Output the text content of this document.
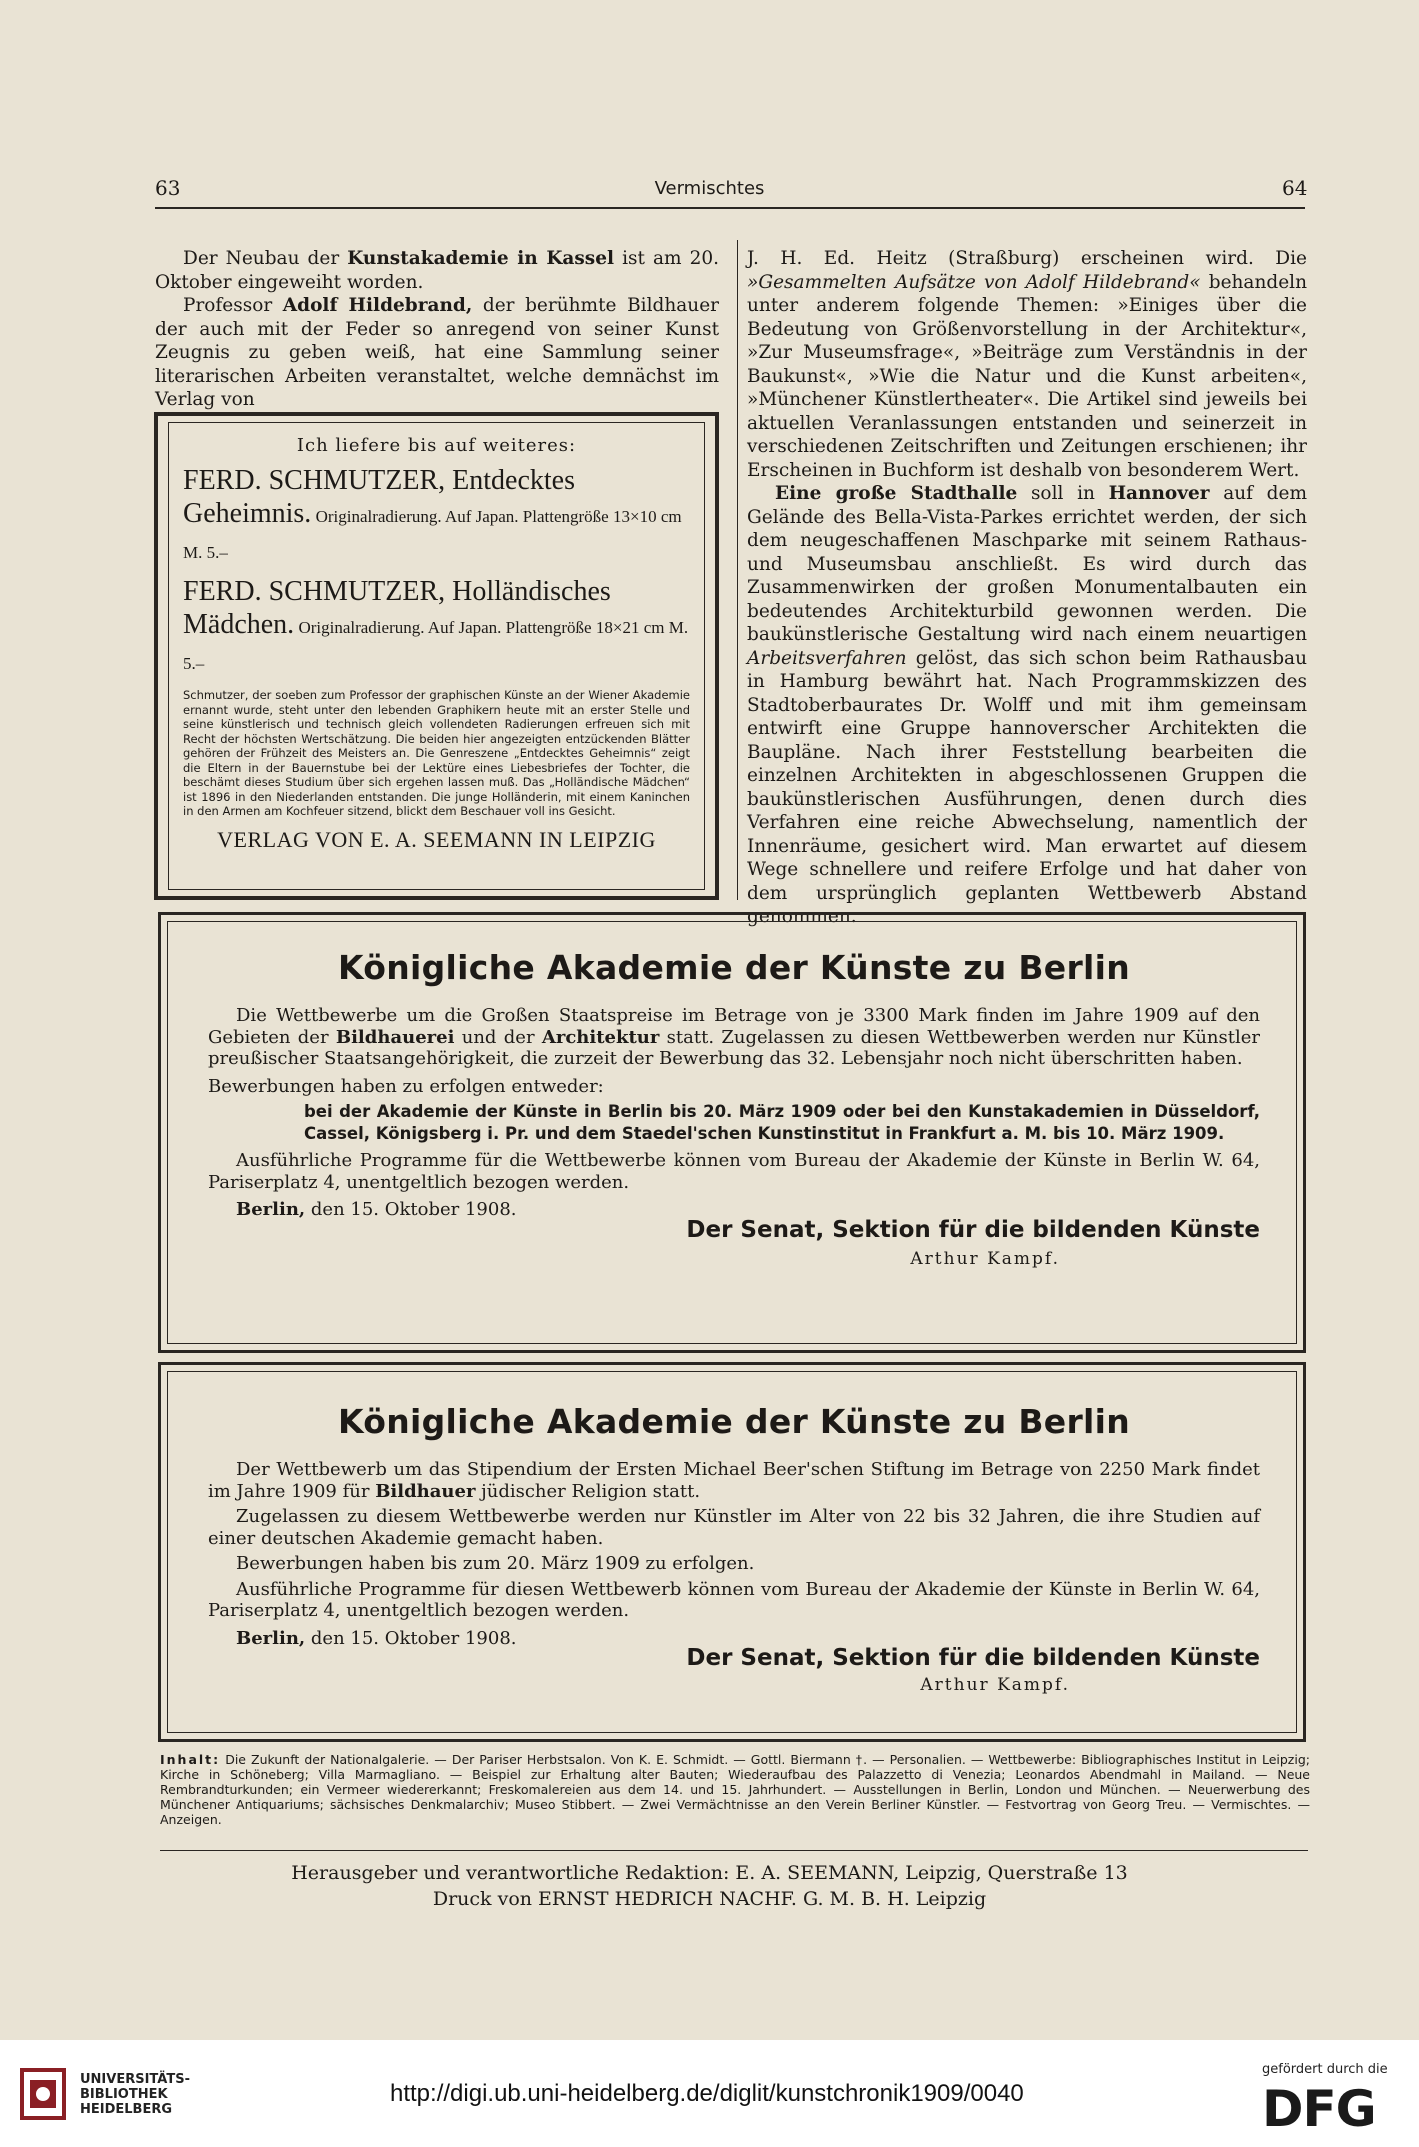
63	Vermischtes	64

Der Neubau der Kunstakademie in Kassel ist am 20. Oktober eingeweiht worden.

Professor Adolf Hildebrand, der berühmte Bildhauer der auch mit der Feder so anregend von seiner Kunst Zeugnis zu geben weiß, hat eine Sammlung seiner literarischen Arbeiten veranstaltet, welche demnächst im Verlag von

Ich liefere bis auf weiteres:

FERD. SCHMUTZER, Entdecktes Geheimnis. Originalradierung. Auf Japan. Plattengröße 13×10 cm M. 5.–

FERD. SCHMUTZER, Holländisches Mädchen. Originalradierung. Auf Japan. Plattengröße 18×21 cm M. 5.–

Schmutzer, der soeben zum Professor der graphischen Künste an der Wiener Akademie ernannt wurde, steht unter den lebenden Graphikern heute mit an erster Stelle und seine künstlerisch und technisch gleich vollendeten Radierungen erfreuen sich mit Recht der höchsten Wertschätzung. Die beiden hier angezeigten entzückenden Blätter gehören der Frühzeit des Meisters an. Die Genreszene „Entdecktes Geheimnis“ zeigt die Eltern in der Bauernstube bei der Lektüre eines Liebesbriefes der Tochter, die beschämt dieses Studium über sich ergehen lassen muß. Das „Holländische Mädchen“ ist 1896 in den Niederlanden entstanden. Die junge Holländerin, mit einem Kaninchen in den Armen am Kochfeuer sitzend, blickt dem Beschauer voll ins Gesicht.

VERLAG VON E. A. SEEMANN IN LEIPZIG

J. H. Ed. Heitz (Straßburg) erscheinen wird. Die »Gesammelten Aufsätze von Adolf Hildebrand« behandeln unter anderem folgende Themen: »Einiges über die Bedeutung von Größenvorstellung in der Architektur«, »Zur Museumsfrage«, »Beiträge zum Verständnis in der Baukunst«, »Wie die Natur und die Kunst arbeiten«, »Münchener Künstlertheater«. Die Artikel sind jeweils bei aktuellen Veranlassungen entstanden und seinerzeit in verschiedenen Zeitschriften und Zeitungen erschienen; ihr Erscheinen in Buchform ist deshalb von besonderem Wert.

Eine große Stadthalle soll in Hannover auf dem Gelände des Bella-Vista-Parkes errichtet werden, der sich dem neugeschaffenen Maschparke mit seinem Rathaus- und Museumsbau anschließt. Es wird durch das Zusammenwirken der großen Monumentalbauten ein bedeutendes Architekturbild gewonnen werden. Die baukünstlerische Gestaltung wird nach einem neuartigen Arbeitsverfahren gelöst, das sich schon beim Rathausbau in Hamburg bewährt hat. Nach Programmskizzen des Stadtoberbaurates Dr. Wolff und mit ihm gemeinsam entwirft eine Gruppe hannoverscher Architekten die Baupläne. Nach ihrer Feststellung bearbeiten die einzelnen Architekten in abgeschlossenen Gruppen die baukünstlerischen Ausführungen, denen durch dies Verfahren eine reiche Abwechselung, namentlich der Innenräume, gesichert wird. Man erwartet auf diesem Wege schnellere und reifere Erfolge und hat daher von dem ursprünglich geplanten Wettbewerb Abstand genommen.

Königliche Akademie der Künste zu Berlin

Die Wettbewerbe um die Großen Staatspreise im Betrage von je 3300 Mark finden im Jahre 1909 auf den Gebieten der Bildhauerei und der Architektur statt. Zugelassen zu diesen Wettbewerben werden nur Künstler preußischer Staatsangehörigkeit, die zurzeit der Bewerbung das 32. Lebensjahr noch nicht überschritten haben.

Bewerbungen haben zu erfolgen entweder:

bei der Akademie der Künste in Berlin bis 20. März 1909 oder bei den Kunstakademien in Düsseldorf, Cassel, Königsberg i. Pr. und dem Staedel'schen Kunstinstitut in Frankfurt a. M. bis 10. März 1909.

Ausführliche Programme für die Wettbewerbe können vom Bureau der Akademie der Künste in Berlin W. 64, Pariserplatz 4, unentgeltlich bezogen werden.

Berlin, den 15. Oktober 1908.

Der Senat, Sektion für die bildenden Künste
Arthur Kampf.
Königliche Akademie der Künste zu Berlin

Der Wettbewerb um das Stipendium der Ersten Michael Beer'schen Stiftung im Betrage von 2250 Mark findet im Jahre 1909 für Bildhauer jüdischer Religion statt.

Zugelassen zu diesem Wettbewerbe werden nur Künstler im Alter von 22 bis 32 Jahren, die ihre Studien auf einer deutschen Akademie gemacht haben.

Bewerbungen haben bis zum 20. März 1909 zu erfolgen.

Ausführliche Programme für diesen Wettbewerb können vom Bureau der Akademie der Künste in Berlin W. 64, Pariserplatz 4, unentgeltlich bezogen werden.

Berlin, den 15. Oktober 1908.

Der Senat, Sektion für die bildenden Künste
Arthur Kampf.
Inhalt: Die Zukunft der Nationalgalerie. — Der Pariser Herbstsalon. Von K. E. Schmidt. — Gottl. Biermann †. — Personalien. — Wettbewerbe: Bibliographisches Institut in Leipzig; Kirche in Schöneberg; Villa Marmagliano. — Beispiel zur Erhaltung alter Bauten; Wiederaufbau des Palazzetto di Venezia; Leonardos Abendmahl in Mailand. — Neue Rembrandturkunden; ein Vermeer wiedererkannt; Freskomalereien aus dem 14. und 15. Jahrhundert. — Ausstellungen in Berlin, London und München. — Neuerwerbung des Münchener Antiquariums; sächsisches Denkmalarchiv; Museo Stibbert. — Zwei Vermächtnisse an den Verein Berliner Künstler. — Festvortrag von Georg Treu. — Vermischtes. — Anzeigen.
Herausgeber und verantwortliche Redaktion: E. A. SEEMANN, Leipzig, Querstraße 13
Druck von ERNST HEDRICH NACHF. G. M. B. H. Leipzig
UNIVERSITÄTS-
BIBLIOTHEK
HEIDELBERG
http://digi.ub.uni-heidelberg.de/diglit/kunstchronik1909/0040
gefördert durch die
DFG
